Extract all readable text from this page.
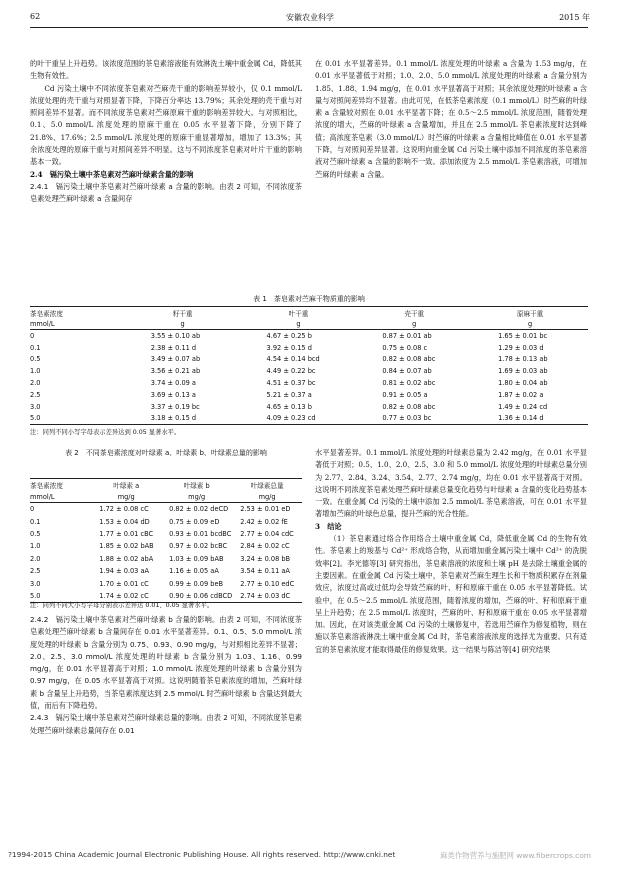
62	安徽农业科学	2015 年

的叶干重呈上升趋势。该浓度范围的茶皂素溶液能有效淋洗土壤中重金属 Cd，降低其生物有效性。

Cd 污染土壤中不同浓度茶皂素对苎麻壳干重的影响差异较小，仅 0.1 mmol/L 浓度处理的壳干重与对照显著下降，下降百分率达 13.79%；其余处理的壳干重与对照间差异不显著。而不同浓度茶皂素对苎麻原麻干重的影响差异较大。与对照相比，0.1、5.0 mmol/L 浓度处理的原麻干重在 0.05 水平显著下降，分别下降了 21.8%、17.6%；2.5 mmol/L 浓度处理的原麻干重显著增加，增加了 13.3%；其余浓度处理的原麻干重与对照间差异不明显。这与不同浓度茶皂素对叶片干重的影响基本一致。

2.4　镉污染土壤中茶皂素对苎麻叶绿素含量的影响

2.4.1　镉污染土壤中茶皂素对苎麻叶绿素 a 含量的影响。由表 2 可知，不同浓度茶皂素处理苎麻叶绿素 a 含量间存

在 0.01 水平显著差异。0.1 mmol/L 浓度处理的叶绿素 a 含量为 1.53 mg/g，在 0.01 水平显著低于对照；1.0、2.0、5.0 mmol/L 浓度处理的叶绿素 a 含量分别为 1.85、1.88、1.94 mg/g，在 0.01 水平显著高于对照；其余浓度处理的叶绿素 a 含量与对照间差异均不显著。由此可见，在低茶皂素浓度（0.1 mmol/L）时苎麻的叶绿素 a 含量较对照在 0.01 水平显著下降；在 0.5～2.5 mmol/L 浓度范围，随着处理浓度的增大，苎麻的叶绿素 a 含量增加，并且在 2.5 mmol/L 茶皂素浓度时达到峰值；高浓度茶皂素（3.0 mmol/L）时苎麻的叶绿素 a 含量相比峰值在 0.01 水平显著下降，与对照间差异显著。这说明向重金属 Cd 污染土壤中添加不同浓度的茶皂素溶液对苎麻叶绿素 a 含量的影响不一致。添加浓度为 2.5 mmol/L 茶皂素溶液，可增加苎麻的叶绿素 a 含量。

表 1　茶皂素对苎麻干物质重的影响
茶皂素浓度	籽干重	叶干重	壳干重	原麻干重
mmol/L	g	g	g	g
0	3.55 ± 0.10 ab	4.67 ± 0.25 b	0.87 ± 0.01 ab	1.65 ± 0.01 bc
0.1	2.38 ± 0.11 d	3.92 ± 0.15 d	0.75 ± 0.08 c	1.29 ± 0.03 d
0.5	3.49 ± 0.07 ab	4.54 ± 0.14 bcd	0.82 ± 0.08 abc	1.78 ± 0.13 ab
1.0	3.56 ± 0.21 ab	4.49 ± 0.22 bc	0.84 ± 0.07 ab	1.69 ± 0.03 ab
2.0	3.74 ± 0.09 a	4.51 ± 0.37 bc	0.81 ± 0.02 abc	1.80 ± 0.04 ab
2.5	3.69 ± 0.13 a	5.21 ± 0.37 a	0.91 ± 0.05 a	1.87 ± 0.02 a
3.0	3.37 ± 0.19 bc	4.65 ± 0.13 b	0.82 ± 0.08 abc	1.49 ± 0.24 cd
5.0	3.18 ± 0.15 d	4.09 ± 0.23 cd	0.77 ± 0.03 bc	1.36 ± 0.14 d
注：同列不同小写字母表示差异达到 0.05 显著水平。
表 2　不同茶皂素浓度对叶绿素 a、叶绿素 b、叶绿素总量的影响
茶皂素浓度	叶绿素 a	叶绿素 b	叶绿素总量
mmol/L	mg/g	mg/g	mg/g
0	1.72 ± 0.08 cC	0.82 ± 0.02 deCD	2.53 ± 0.01 eD
0.1	1.53 ± 0.04 dD	0.75 ± 0.09 eD	2.42 ± 0.02 fE
0.5	1.77 ± 0.01 cBC	0.93 ± 0.01 bcdBC	2.77 ± 0.04 cdC
1.0	1.85 ± 0.02 bAB	0.97 ± 0.02 bcBC	2.84 ± 0.02 cC
2.0	1.88 ± 0.02 abA	1.03 ± 0.09 bAB	3.24 ± 0.08 bB
2.5	1.94 ± 0.03 aA	1.16 ± 0.05 aA	3.54 ± 0.11 aA
3.0	1.70 ± 0.01 cC	0.99 ± 0.09 beB	2.77 ± 0.10 edC
5.0	1.74 ± 0.02 cC	0.90 ± 0.06 cdBCD	2.74 ± 0.03 dC
注：同列不同大小写字母分别表示差异达 0.01、0.05 显著水平。

2.4.2　镉污染土壤中茶皂素对苎麻叶绿素 b 含量的影响。由表 2 可知，不同浓度茶皂素处理苎麻叶绿素 b 含量间存在 0.01 水平显著差异。0.1、0.5、5.0 mmol/L 浓度处理的叶绿素 b 含量分别为 0.75、0.93、0.90 mg/g，与对照相比差异不显著；2.0、2.5、3.0 mmol/L 浓度处理的叶绿素 b 含量分别为 1.03、1.16、0.99 mg/g，在 0.01 水平显著高于对照；1.0 mmol/L 浓度处理的叶绿素 b 含量分别为 0.97 mg/g，在 0.05 水平显著高于对照。这说明随着茶皂素浓度的增加，苎麻叶绿素 b 含量呈上升趋势，当茶皂素浓度达到 2.5 mmol/L 时苎麻叶绿素 b 含量达到最大值，而后有下降趋势。

2.4.3　镉污染土壤中茶皂素对苎麻叶绿素总量的影响。由表 2 可知，不同浓度茶皂素处理苎麻叶绿素总量间存在 0.01

水平显著差异。0.1 mmol/L 浓度处理的叶绿素总量为 2.42 mg/g，在 0.01 水平显著低于对照；0.5、1.0、2.0、2.5、3.0 和 5.0 mmol/L 浓度处理的叶绿素总量分别为 2.77、2.84、3.24、3.54、2.77、2.74 mg/g，均在 0.01 水平显著高于对照。这说明不同浓度茶皂素处理苎麻叶绿素总量变化趋势与叶绿素 a 含量的变化趋势基本一致。在重金属 Cd 污染的土壤中添加 2.5 mmol/L 茶皂素溶液，可在 0.01 水平显著增加苎麻的叶绿色总量，提升苎麻的光合性能。

3　结论

（1）茶皂素通过络合作用络合土壤中重金属 Cd，降低重金属 Cd 的生物有效性。茶皂素上的羧基与 Cd²⁺ 形成络合物，从而增加重金属污染土壤中 Cd²⁺ 的洗脱效率[2]。李光德等[3] 研究指出，茶皂素溶液的浓度和土壤 pH 是去除土壤重金属的主要因素。在重金属 Cd 污染土壤中，茶皂素对苎麻生理生长和干物质积累存在剂量效应，浓度过高或过低均会导致苎麻的叶、籽和原麻干重在 0.05 水平显著降低。试验中，在 0.5～2.5 mmol/L 浓度范围，随着浓度的增加，苎麻的叶、籽和原麻干重呈上升趋势；在 2.5 mmol/L 浓度时，苎麻的叶、籽和原麻干重在 0.05 水平显著增加。因此，在对该类重金属 Cd 污染的土壤修复中，若选用苎麻作为修复植物，则在施以茶皂素溶液淋洗土壤中重金属 Cd 时，茶皂素溶液浓度的选择尤为重要。只有适宜的茶皂素浓度才能取得最佳的修复效果。这一结果与陈洁等[4] 研究结果

?1994-2015 China Academic Journal Electronic Publishing House. All rights reserved. http://www.cnki.net	麻类作物营养与施肥网 www.fibercrops.com
